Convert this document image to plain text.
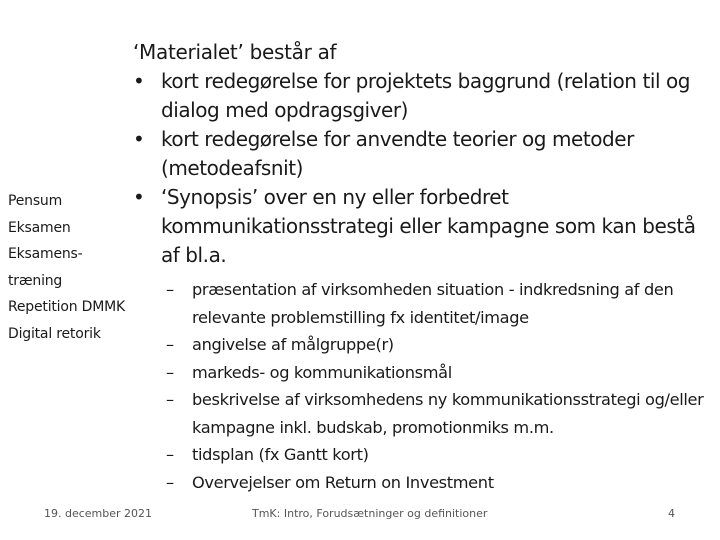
Pensum
Eksamen
Eksamens-
træning
Repetition DMMK
Digital retorik
‘Materialet’ består af
• kort redegørelse for projektets baggrund (relation til og dialog med opdragsgiver)
• kort redegørelse for anvendte teorier og metoder (metodeafsnit)
• ‘Synopsis’ over en ny eller forbedret kommunikationsstrategi eller kampagne som kan bestå af bl.a.
– præsentation af virksomheden situation - indkredsning af den relevante problemstilling fx identitet/image
– angivelse af målgruppe(r)
– markeds- og kommunikationsmål
– beskrivelse af virksomhedens ny kommunikationsstrategi og/eller kampagne inkl. budskab, promotionmiks m.m.
– tidsplan (fx Gantt kort)
– Overvejelser om Return on Investment
19. december 2021	TmK: Intro, Forudsætninger og definitioner	4
